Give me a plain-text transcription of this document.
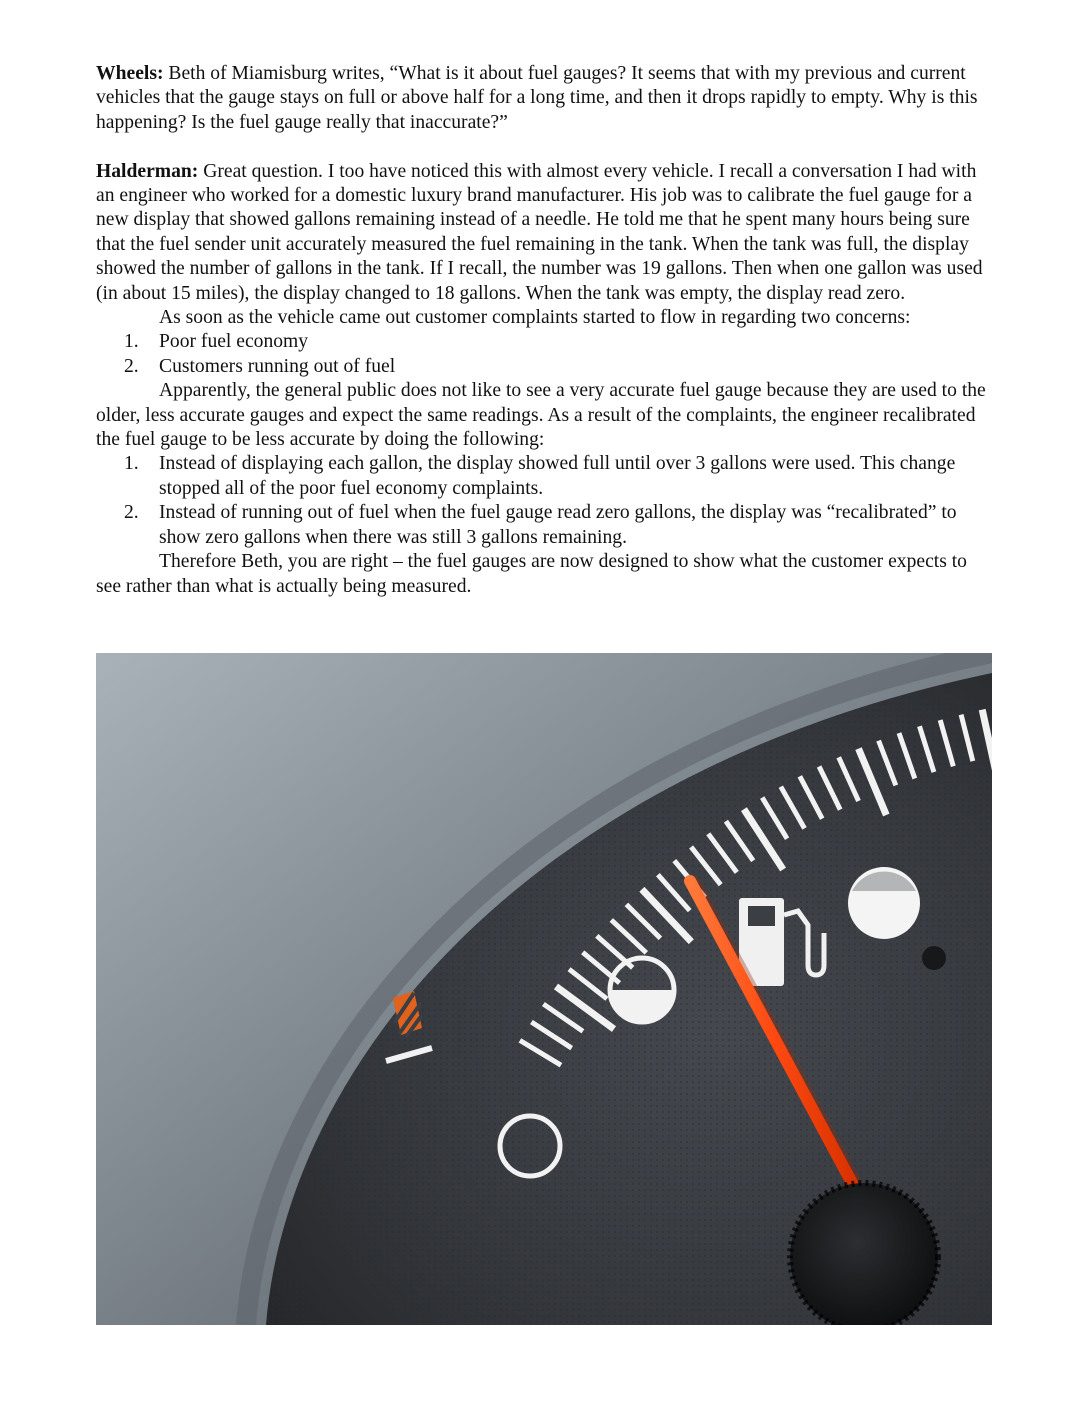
Wheels: Beth of Miamisburg writes, “What is it about fuel gauges? It seems that with my previous and current vehicles that the gauge stays on full or above half for a long time, and then it drops rapidly to empty. Why is this happening? Is the fuel gauge really that inaccurate?”

Halderman: Great question. I too have noticed this with almost every vehicle. I recall a conversation I had with an engineer who worked for a domestic luxury brand manufacturer. His job was to calibrate the fuel gauge for a new display that showed gallons remaining instead of a needle. He told me that he spent many hours being sure that the fuel sender unit accurately measured the fuel remaining in the tank. When the tank was full, the display showed the number of gallons in the tank. If I recall, the number was 19 gallons. Then when one gallon was used (in about 15 miles), the display changed to 18 gallons. When the tank was empty, the display read zero.

As soon as the vehicle came out customer complaints started to flow in regarding two concerns:

1. Poor fuel economy
2. Customers running out of fuel

Apparently, the general public does not like to see a very accurate fuel gauge because they are used to the older, less accurate gauges and expect the same readings. As a result of the complaints, the engineer recalibrated the fuel gauge to be less accurate by doing the following:

1. Instead of displaying each gallon, the display showed full until over 3 gallons were used. This change stopped all of the poor fuel economy complaints.
2. Instead of running out of fuel when the fuel gauge read zero gallons, the display was “recalibrated” to show zero gallons when there was still 3 gallons remaining.

Therefore Beth, you are right – the fuel gauges are now designed to show what the customer expects to see rather than what is actually being measured.
